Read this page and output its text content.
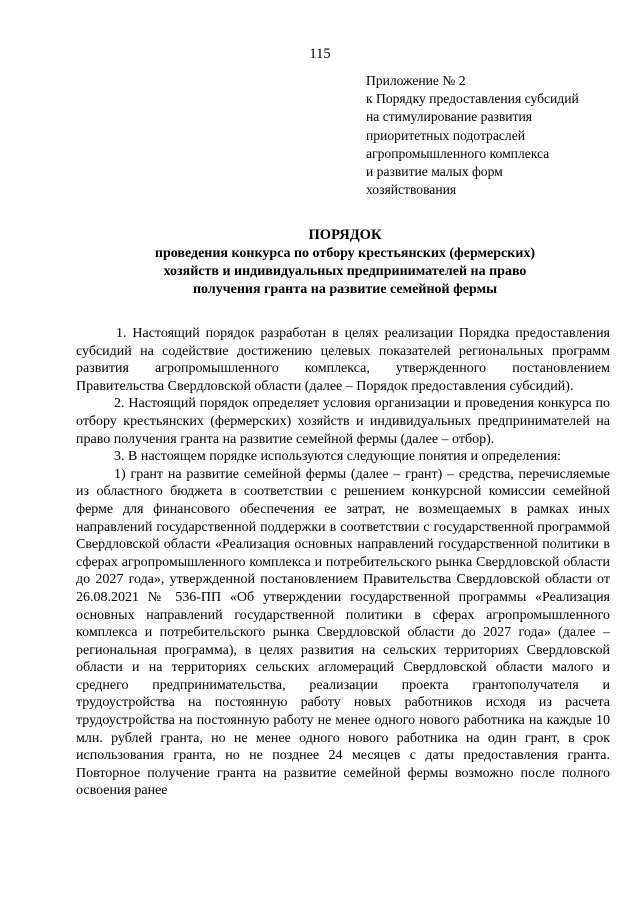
115
Приложение № 2
к Порядку предоставления субсидий
на стимулирование развития
приоритетных подотраслей
агропромышленного комплекса
и развитие малых форм
хозяйствования
ПОРЯДОК
проведения конкурса по отбору крестьянских (фермерских)
хозяйств и индивидуальных предпринимателей на право
получения гранта на развитие семейной фермы

1. Настоящий порядок разработан в целях реализации Порядка предоставления субсидий на содействие достижению целевых показателей региональных программ развития агропромышленного комплекса, утвержденного постановлением Правительства Свердловской области (далее – Порядок предоставления субсидий).

2. Настоящий порядок определяет условия организации и проведения конкурса по отбору крестьянских (фермерских) хозяйств и индивидуальных предпринимателей на право получения гранта на развитие семейной фермы (далее – отбор).

3. В настоящем порядке используются следующие понятия и определения:

1) грант на развитие семейной фермы (далее – грант) – средства, перечисляемые из областного бюджета в соответствии с решением конкурсной комиссии семейной ферме для финансового обеспечения ее затрат, не возмещаемых в рамках иных направлений государственной поддержки в соответствии с государственной программой Свердловской области «Реализация основных направлений государственной политики в сферах агропромышленного комплекса и потребительского рынка Свердловской области до 2027 года», утвержденной постановлением Правительства Свердловской области от 26.08.2021 № 536-ПП «Об утверждении государственной программы «Реализация основных направлений государственной политики в сферах агропромышленного комплекса и потребительского рынка Свердловской области до 2027 года» (далее – региональная программа), в целях развития на сельских территориях Свердловской области и на территориях сельских агломераций Свердловской области малого и среднего предпринимательства, реализации проекта грантополучателя и трудоустройства на постоянную работу новых работников исходя из расчета трудоустройства на постоянную работу не менее одного нового работника на каждые 10 млн. рублей гранта, но не менее одного нового работника на один грант, в срок использования гранта, но не позднее 24 месяцев с даты предоставления гранта. Повторное получение гранта на развитие семейной фермы возможно после полного освоения ранее
